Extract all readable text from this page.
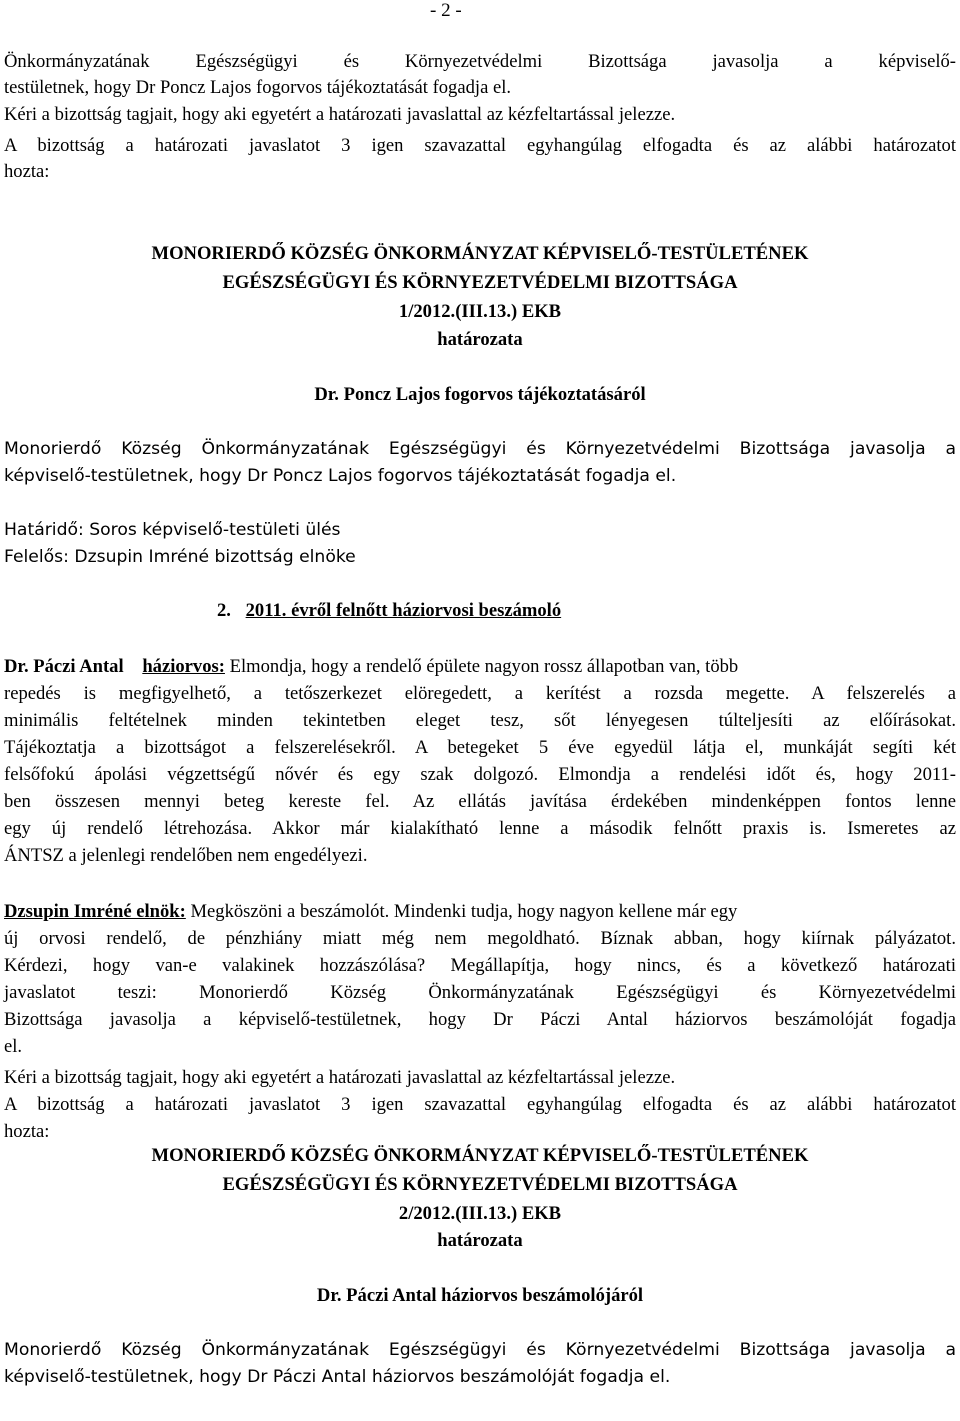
- 2 -
Önkormányzatának Egészségügyi és Környezetvédelmi Bizottsága javasolja a képviselő-
testületnek, hogy Dr Poncz Lajos fogorvos tájékoztatását fogadja el.
Kéri a bizottság tagjait, hogy aki egyetért a határozati javaslattal az kézfeltartással jelezze.
A bizottság a határozati javaslatot 3 igen szavazattal egyhangúlag elfogadta és az alábbi határozatot
hozta:
MONORIERDŐ KÖZSÉG ÖNKORMÁNYZAT KÉPVISELŐ-TESTÜLETÉNEK
EGÉSZSÉGÜGYI ÉS KÖRNYEZETVÉDELMI BIZOTTSÁGA
1/2012.(III.13.) EKB
határozata
Dr. Poncz Lajos fogorvos tájékoztatásáról
Monorierdő Község Önkormányzatának Egészségügyi és Környezetvédelmi Bizottsága javasolja a
képviselő-testületnek, hogy Dr Poncz Lajos fogorvos tájékoztatását fogadja el.
Határidő: Soros képviselő-testületi ülés
Felelős: Dzsupin Imréné bizottság elnöke
2. 2011. évről felnőtt háziorvosi beszámoló
Dr. Páczi Antal háziorvos: Elmondja, hogy a rendelő épülete nagyon rossz állapotban van, több
repedés is megfigyelhető, a tetőszerkezet elöregedett, a kerítést a rozsda megette. A felszerelés a
minimális feltételnek minden tekintetben eleget tesz, sőt lényegesen túlteljesíti az előírásokat.
Tájékoztatja a bizottságot a felszerelésekről. A betegeket 5 éve egyedül látja el, munkáját segíti két
felsőfokú ápolási végzettségű nővér és egy szak dolgozó. Elmondja a rendelési időt és, hogy 2011-
ben összesen mennyi beteg kereste fel. Az ellátás javítása érdekében mindenképpen fontos lenne
egy új rendelő létrehozása. Akkor már kialakítható lenne a második felnőtt praxis is. Ismeretes az
ÁNTSZ a jelenlegi rendelőben nem engedélyezi.
Dzsupin Imréné elnök: Megköszöni a beszámolót. Mindenki tudja, hogy nagyon kellene már egy
új orvosi rendelő, de pénzhiány miatt még nem megoldható. Bíznak abban, hogy kiírnak pályázatot.
Kérdezi, hogy van-e valakinek hozzászólása? Megállapítja, hogy nincs, és a következő határozati
javaslatot teszi: Monorierdő Község Önkormányzatának Egészségügyi és Környezetvédelmi
Bizottsága javasolja a képviselő-testületnek, hogy Dr Páczi Antal háziorvos beszámolóját fogadja
el.
Kéri a bizottság tagjait, hogy aki egyetért a határozati javaslattal az kézfeltartással jelezze.
A bizottság a határozati javaslatot 3 igen szavazattal egyhangúlag elfogadta és az alábbi határozatot
hozta:
MONORIERDŐ KÖZSÉG ÖNKORMÁNYZAT KÉPVISELŐ-TESTÜLETÉNEK
EGÉSZSÉGÜGYI ÉS KÖRNYEZETVÉDELMI BIZOTTSÁGA
2/2012.(III.13.) EKB
határozata
Dr. Páczi Antal háziorvos beszámolójáról
Monorierdő Község Önkormányzatának Egészségügyi és Környezetvédelmi Bizottsága javasolja a
képviselő-testületnek, hogy Dr Páczi Antal háziorvos beszámolóját fogadja el.
